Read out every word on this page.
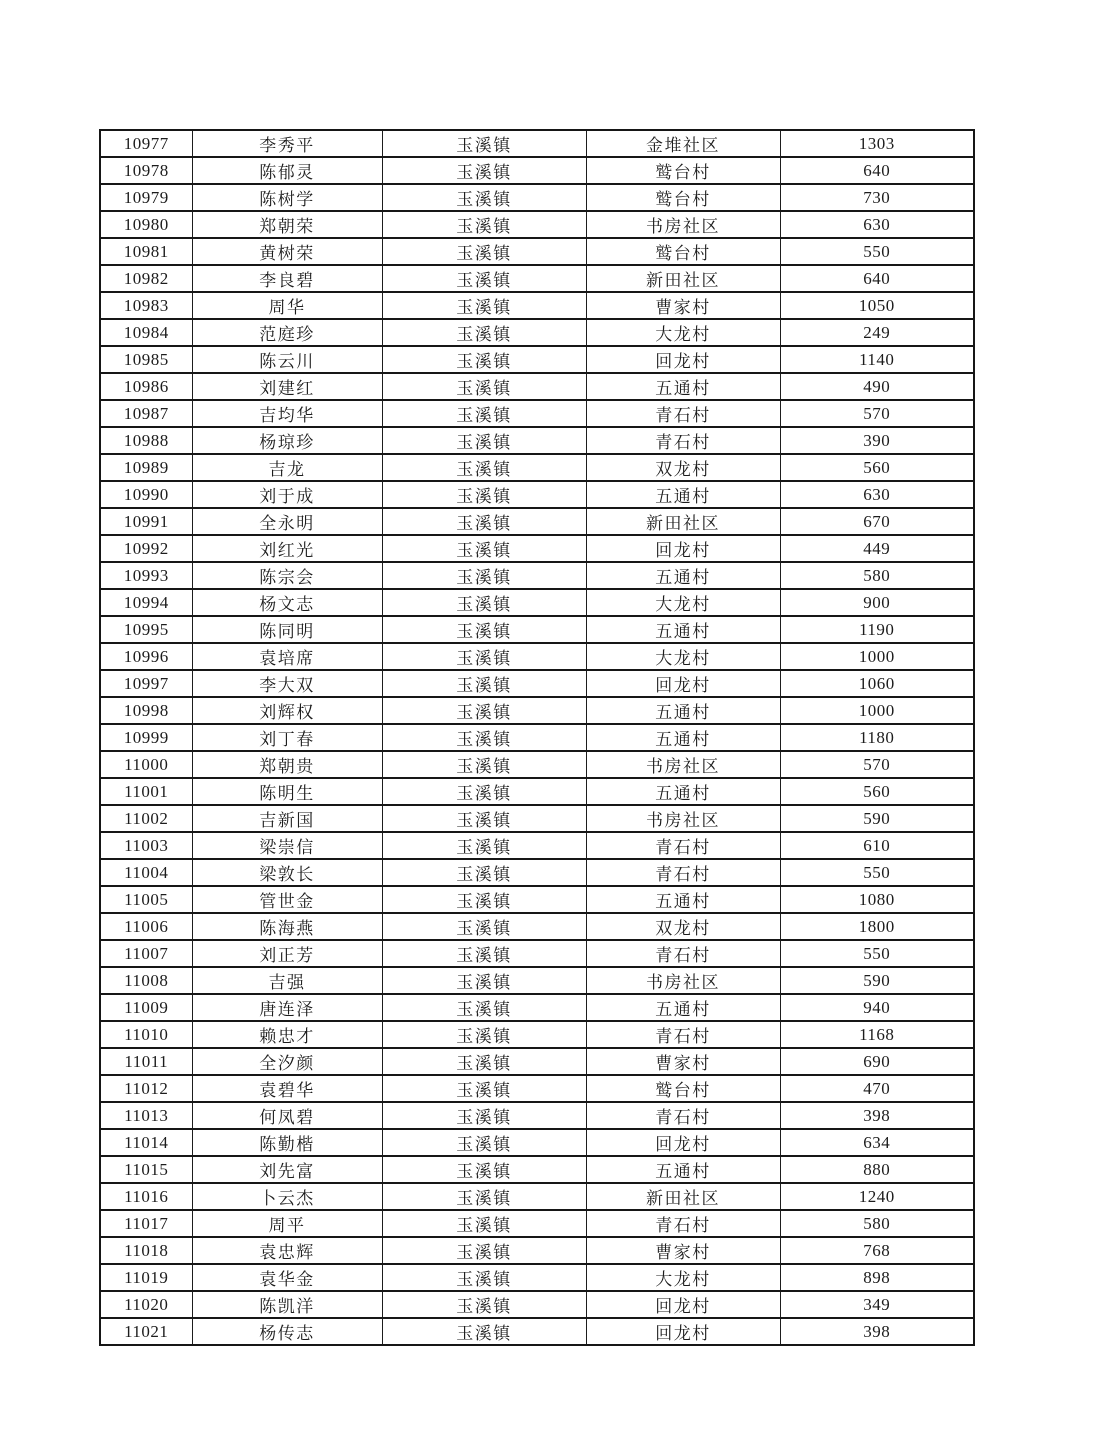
10977	李秀平	玉溪镇	金堆社区	1303
10978	陈郁灵	玉溪镇	鹫台村	640
10979	陈树学	玉溪镇	鹫台村	730
10980	郑朝荣	玉溪镇	书房社区	630
10981	黄树荣	玉溪镇	鹫台村	550
10982	李良碧	玉溪镇	新田社区	640
10983	周华	玉溪镇	曹家村	1050
10984	范庭珍	玉溪镇	大龙村	249
10985	陈云川	玉溪镇	回龙村	1140
10986	刘建红	玉溪镇	五通村	490
10987	吉均华	玉溪镇	青石村	570
10988	杨琼珍	玉溪镇	青石村	390
10989	吉龙	玉溪镇	双龙村	560
10990	刘于成	玉溪镇	五通村	630
10991	全永明	玉溪镇	新田社区	670
10992	刘红光	玉溪镇	回龙村	449
10993	陈宗会	玉溪镇	五通村	580
10994	杨文志	玉溪镇	大龙村	900
10995	陈同明	玉溪镇	五通村	1190
10996	袁培席	玉溪镇	大龙村	1000
10997	李大双	玉溪镇	回龙村	1060
10998	刘辉权	玉溪镇	五通村	1000
10999	刘丁春	玉溪镇	五通村	1180
11000	郑朝贵	玉溪镇	书房社区	570
11001	陈明生	玉溪镇	五通村	560
11002	吉新国	玉溪镇	书房社区	590
11003	梁崇信	玉溪镇	青石村	610
11004	梁敦长	玉溪镇	青石村	550
11005	管世金	玉溪镇	五通村	1080
11006	陈海燕	玉溪镇	双龙村	1800
11007	刘正芳	玉溪镇	青石村	550
11008	吉强	玉溪镇	书房社区	590
11009	唐连泽	玉溪镇	五通村	940
11010	赖忠才	玉溪镇	青石村	1168
11011	全汐颜	玉溪镇	曹家村	690
11012	袁碧华	玉溪镇	鹫台村	470
11013	何凤碧	玉溪镇	青石村	398
11014	陈勤楷	玉溪镇	回龙村	634
11015	刘先富	玉溪镇	五通村	880
11016	卜云杰	玉溪镇	新田社区	1240
11017	周平	玉溪镇	青石村	580
11018	袁忠辉	玉溪镇	曹家村	768
11019	袁华金	玉溪镇	大龙村	898
11020	陈凯洋	玉溪镇	回龙村	349
11021	杨传志	玉溪镇	回龙村	398
